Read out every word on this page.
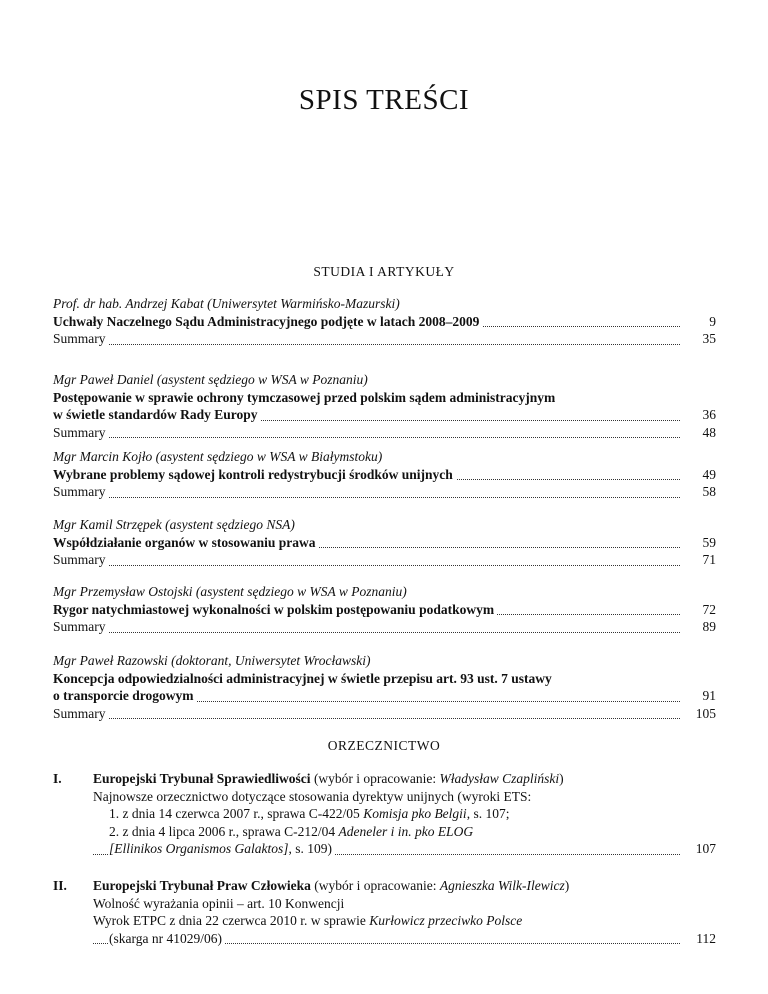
SPIS TREŚCI
STUDIA I ARTYKUŁY
Prof. dr hab. Andrzej Kabat (Uniwersytet Warmińsko-Mazurski)
Uchwały Naczelnego Sądu Administracyjnego podjęte w latach 2008–2009	9
Summary	35
Mgr Paweł Daniel (asystent sędziego w WSA w Poznaniu)
Postępowanie w sprawie ochrony tymczasowej przed polskim sądem administracyjnym
w świetle standardów Rady Europy	36
Summary	48
Mgr Marcin Kojło (asystent sędziego w WSA w Białymstoku)
Wybrane problemy sądowej kontroli redystrybucji środków unijnych	49
Summary	58
Mgr Kamil Strzępek (asystent sędziego NSA)
Współdziałanie organów w stosowaniu prawa	59
Summary	71
Mgr Przemysław Ostojski (asystent sędziego w WSA w Poznaniu)
Rygor natychmiastowej wykonalności w polskim postępowaniu podatkowym	72
Summary	89
Mgr Paweł Razowski (doktorant, Uniwersytet Wrocławski)
Koncepcja odpowiedzialności administracyjnej w świetle przepisu art. 93 ust. 7 ustawy
o transporcie drogowym	91
Summary	105
ORZECZNICTWO
I. Europejski Trybunał Sprawiedliwości (wybór i opracowanie: Władysław Czapliński)
Najnowsze orzecznictwo dotyczące stosowania dyrektyw unijnych (wyroki ETS:
1. z dnia 14 czerwca 2007 r., sprawa C-422/05 Komisja pko Belgii, s. 107;
2. z dnia 4 lipca 2006 r., sprawa C-212/04 Adeneler i in. pko ELOG
[Ellinikos Organismos Galaktos], s. 109)	107
II. Europejski Trybunał Praw Człowieka (wybór i opracowanie: Agnieszka Wilk-Ilewicz)
Wolność wyrażania opinii – art. 10 Konwencji
Wyrok ETPC z dnia 22 czerwca 2010 r. w sprawie Kurłowicz przeciwko Polsce
(skarga nr 41029/06)	112
